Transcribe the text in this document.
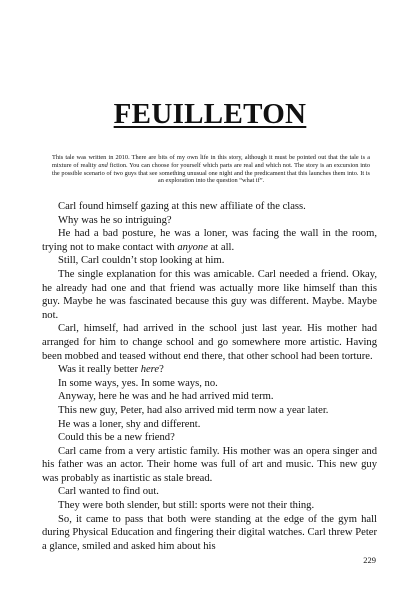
FEUILLETON

This tale was written in 2010. There are bits of my own life in this story, although it must be pointed out that the tale is a mixture of reality and fiction. You can choose for yourself which parts are real and which not. The story is an excursion into the possible scenario of two guys that see something unusual one night and the predicament that this launches them into. It is an exploration into the question “what if”.

Carl found himself gazing at this new affiliate of the class.

Why was he so intriguing?

He had a bad posture, he was a loner, was facing the wall in the room, trying not to make contact with anyone at all.

Still, Carl couldn’t stop looking at him.

The single explanation for this was amicable. Carl needed a friend. Okay, he already had one and that friend was actually more like himself than this guy. Maybe he was fascinated because this guy was different. Maybe. Maybe not.

Carl, himself, had arrived in the school just last year. His mother had arranged for him to change school and go somewhere more artistic. Having been mobbed and teased without end there, that other school had been torture.

Was it really better here?

In some ways, yes. In some ways, no.

Anyway, here he was and he had arrived mid term.

This new guy, Peter, had also arrived mid term now a year later.

He was a loner, shy and different.

Could this be a new friend?

Carl came from a very artistic family. His mother was an opera singer and his father was an actor. Their home was full of art and music. This new guy was probably as inartistic as stale bread.

Carl wanted to find out.

They were both slender, but still: sports were not their thing.

So, it came to pass that both were standing at the edge of the gym hall during Physical Education and fingering their digital watches. Carl threw Peter a glance, smiled and asked him about his

229
